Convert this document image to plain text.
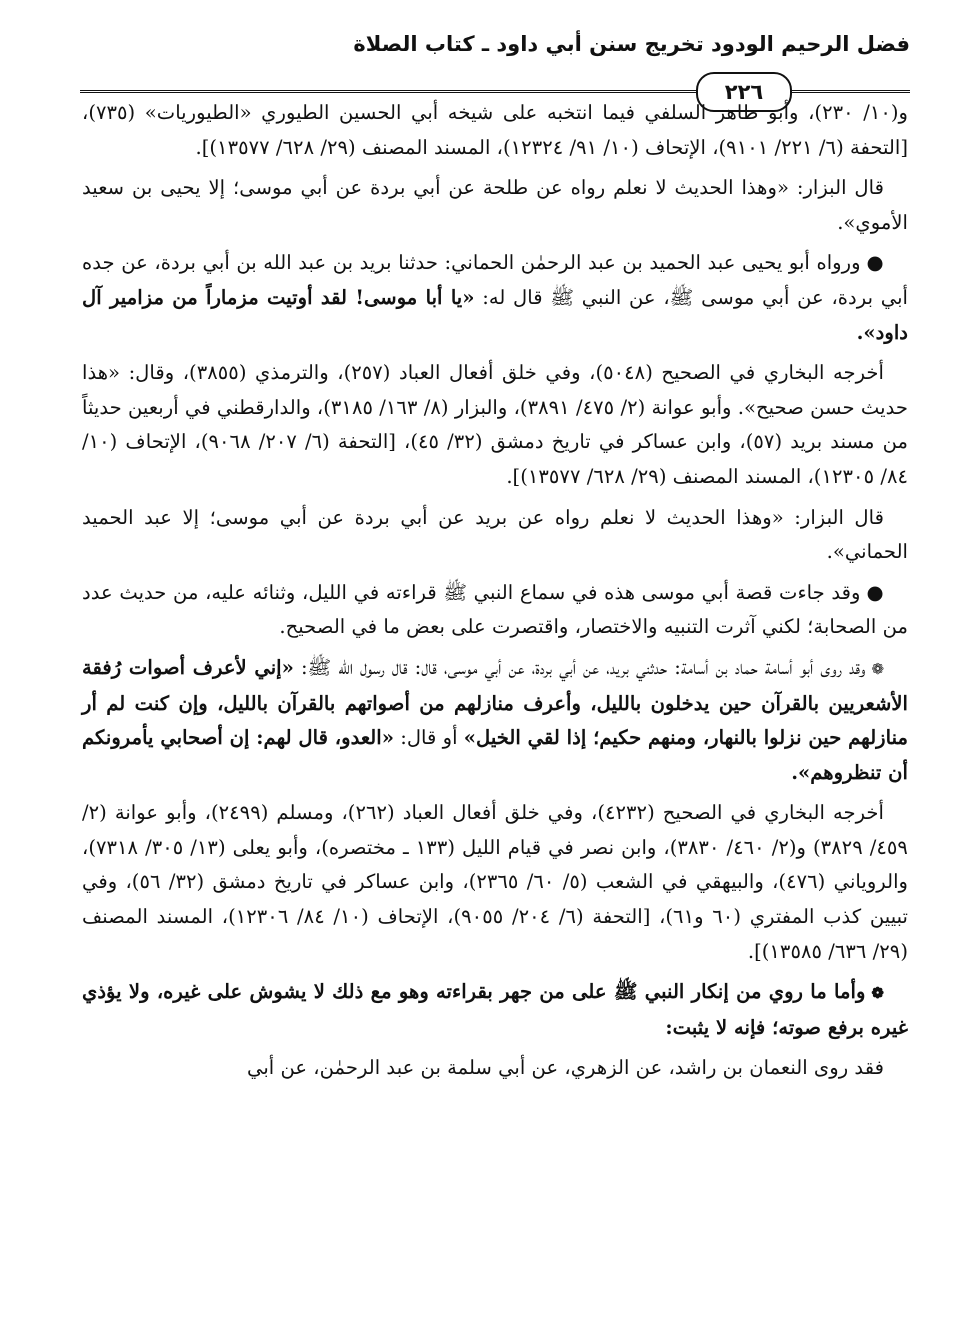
فضل الرحيم الودود تخريج سنن أبي داود ـ كتاب الصلاة
٢٢٦

و(١٠/ ٢٣٠)، وأبو طاهر السلفي فيما انتخبه على شيخه أبي الحسين الطيوري «الطيوريات» (٧٣٥)، [التحفة (٦/ ٢٢١/ ٩١٠١)، الإتحاف (١٠/ ٩١/ ١٢٣٢٤)، المسند المصنف (٢٩/ ٦٢٨/ ١٣٥٧٧)].

قال البزار: «وهذا الحديث لا نعلم رواه عن طلحة عن أبي بردة عن أبي موسى؛ إلا يحيى بن سعيد الأموي».

●ورواه أبو يحيى عبد الحميد بن عبد الرحمٰن الحماني: حدثنا بريد بن عبد الله بن أبي بردة، عن جده أبي بردة، عن أبي موسى ﷺ، عن النبي ﷺ قال له: «يا أبا موسى! لقد أوتيت مزماراً من مزامير آل داود».

أخرجه البخاري في الصحيح (٥٠٤٨)، وفي خلق أفعال العباد (٢٥٧)، والترمذي (٣٨٥٥)، وقال: «هذا حديث حسن صحيح». وأبو عوانة (٢/ ٤٧٥/ ٣٨٩١)، والبزار (٨/ ١٦٣/ ٣١٨٥)، والدارقطني في أربعين حديثاً من مسند بريد (٥٧)، وابن عساكر في تاريخ دمشق (٣٢/ ٤٥)، [التحفة (٦/ ٢٠٧/ ٩٠٦٨)، الإتحاف (١٠/ ٨٤/ ١٢٣٠٥)، المسند المصنف (٢٩/ ٦٢٨/ ١٣٥٧٧)].

قال البزار: «وهذا الحديث لا نعلم رواه عن بريد عن أبي بردة عن أبي موسى؛ إلا عبد الحميد الحماني».

●وقد جاءت قصة أبي موسى هذه في سماع النبي ﷺ قراءته في الليل، وثنائه عليه، من حديث عدد من الصحابة؛ لكني آثرت التنبيه والاختصار، واقتصرت على بعض ما في الصحيح.

❁وقد روى أبو أسامة حماد بن أسامة: حدثني بريد، عن أبي بردة، عن أبي موسى، قال: قال رسول الله ﷺ: «إني لأعرف أصوات رُفقة الأشعريين بالقرآن حين يدخلون بالليل، وأعرف منازلهم من أصواتهم بالقرآن بالليل، وإن كنت لم أر منازلهم حين نزلوا بالنهار، ومنهم حكيم؛ إذا لقي الخيل» أو قال: «العدو، قال لهم: إن أصحابي يأمرونكم أن تنظروهم».

أخرجه البخاري في الصحيح (٤٢٣٢)، وفي خلق أفعال العباد (٢٦٢)، ومسلم (٢٤٩٩)، وأبو عوانة (٢/ ٤٥٩/ ٣٨٢٩) و(٢/ ٤٦٠/ ٣٨٣٠)، وابن نصر في قيام الليل (١٣٣ ـ مختصره)، وأبو يعلى (١٣/ ٣٠٥/ ٧٣١٨)، والروياني (٤٧٦)، والبيهقي في الشعب (٥/ ٦٠/ ٢٣٦٥)، وابن عساكر في تاريخ دمشق (٣٢/ ٥٦)، وفي تبيين كذب المفتري (٦٠ و٦١)، [التحفة (٦/ ٢٠٤/ ٩٠٥٥)، الإتحاف (١٠/ ٨٤/ ١٢٣٠٦)، المسند المصنف (٢٩/ ٦٣٦/ ١٣٥٨٥)].

❁وأما ما روي من إنكار النبي ﷺ على من جهر بقراءته وهو مع ذلك لا يشوش على غيره، ولا يؤذي غيره برفع صوته؛ فإنه لا يثبت:

فقد روى النعمان بن راشد، عن الزهري، عن أبي سلمة بن عبد الرحمٰن، عن أبي
